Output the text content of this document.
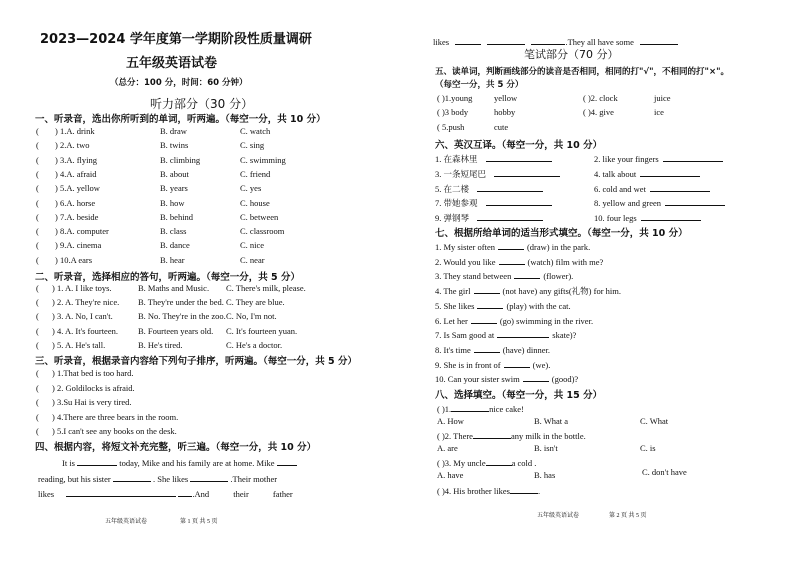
2023—2024 学年度第一学期阶段性质量调研
五年级英语试卷
（总分：100 分，时间：60 分钟）
听力部分（30 分）
一、听录音，选出你所听到的单词，听两遍。（每空一分，共 10 分）
( ) 1.A. drink	B. draw	C. watch
( ) 2.A. two	B. twins	C. sing
( ) 3.A. flying	B. climbing	C. swimming
( ) 4.A. afraid	B. about	C. friend
( ) 5.A. yellow	B. years	C. yes
( ) 6.A. horse	B. how	C. house
( ) 7.A. beside	B. behind	C. between
( ) 8.A. computer	B. class	C. classroom
( ) 9.A. cinema	B. dance	C. nice
( ) 10.A ears	B. hear	C. near
二、听录音，选择相应的答句，听两遍。（每空一分，共 5 分）
( ) 1. A. I like toys.	B. Maths and Music. C. There's milk, please.
( ) 2. A. They're nice. B. They're under the bed. C. They are blue.
( ) 3. A. No, I can't.	B. No. They're in the zoo. C. No, I'm not.
( ) 4. A. It's fourteen. B. Fourteen years old. C. It's fourteen yuan.
( ) 5. A. He's tall.	B. He's tired.	C. He's a doctor.
三、听录音，根据录音内容给下列句子排序，听两遍。（每空一分，共 5 分）
( ) 1.That bed is too hard.
( ) 2. Goldilocks is afraid.
( ) 3.Su Hai is very tired.
( ) 4.There are three bears in the room.
( ) 5.I can't see any books on the desk.
四、根据内容，将短文补充完整，听三遍。（每空一分，共 10 分）
It is	today, Mike and his family are at home. Mike
reading, but his sister	. She likes	.Their mother
likes	.And	their	father
五年级英语试卷	第 1 页 共 5 页
likes	.They all have some
笔试部分（70 分）
五、读单词，判断画线部分的读音是否相同，相同的打"√"，不相同的打"×"。
（每空一分，共 5 分）
( )1.young	yellow	( )2. clock	juice
( )3 body	hobby	( )4. give	ice
( 5.push	cute
六、英汉互译。（每空一分，共 10 分）
1. 在森林里	2. like your fingers
3. 一条短尾巴	4. talk about
5. 在二楼	6. cold and wet
7. 带她参观	8. yellow and green
9. 弹钢琴	10. four legs
七、根据所给单词的适当形式填空。（每空一分，共 10 分）
1. My sister often	(draw) in the park.
2. Would you like	(watch) film with me?
3. They stand between	(flower).
4. The girl	(not have) any gifts(礼物) for him.
5. She likes	(play) with the cat.
6. Let her	(go) swimming in the river.
7. Is Sam good at	skate)?
8. It's time	(have) dinner.
9. She is in front of	(we).
10. Can your sister swim	(good)?
八、选择填空。（每空一分，共 15 分）
( )1.	nice cake!
A. How	B. What a	C. What
( )2. There	any milk in the bottle.
A. are	B. isn't	C. is
( )3. My uncle	a cold .
A. have	B. has	C. don't have
( )4. His brother likes	.
五年级英语试卷	第 2 页 共 5 页
